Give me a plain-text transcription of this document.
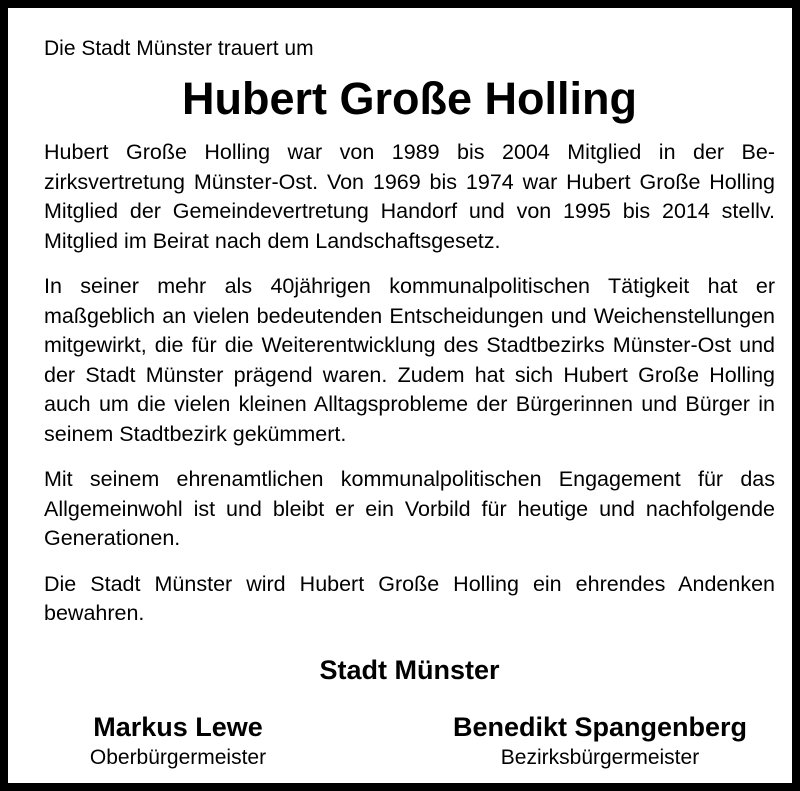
Die Stadt Münster trauert um

Hubert Große Holling

Hubert Große Holling war von 1989 bis 2004 Mitglied in der Bezirksvertretung Münster-Ost. Von 1969 bis 1974 war Hubert Große Holling Mitglied der Gemeindevertretung Handorf und von 1995 bis 2014 stellv. Mitglied im Beirat nach dem Landschaftsgesetz.

In seiner mehr als 40jährigen kommunalpolitischen Tätigkeit hat er maßgeblich an vielen bedeutenden Entscheidungen und Weichenstellungen mitgewirkt, die für die Weiterentwicklung des Stadtbezirks Münster-Ost und der Stadt Münster prägend waren. Zudem hat sich Hubert Große Holling auch um die vielen kleinen Alltagsprobleme der Bürgerinnen und Bürger in seinem Stadtbezirk gekümmert.

Mit seinem ehrenamtlichen kommunalpolitischen Engagement für das Allgemeinwohl ist und bleibt er ein Vorbild für heutige und nachfolgende Generationen.

Die Stadt Münster wird Hubert Große Holling ein ehrendes Andenken bewahren.

Stadt Münster
Markus Lewe
Oberbürgermeister
Benedikt Spangenberg
Bezirksbürgermeister
